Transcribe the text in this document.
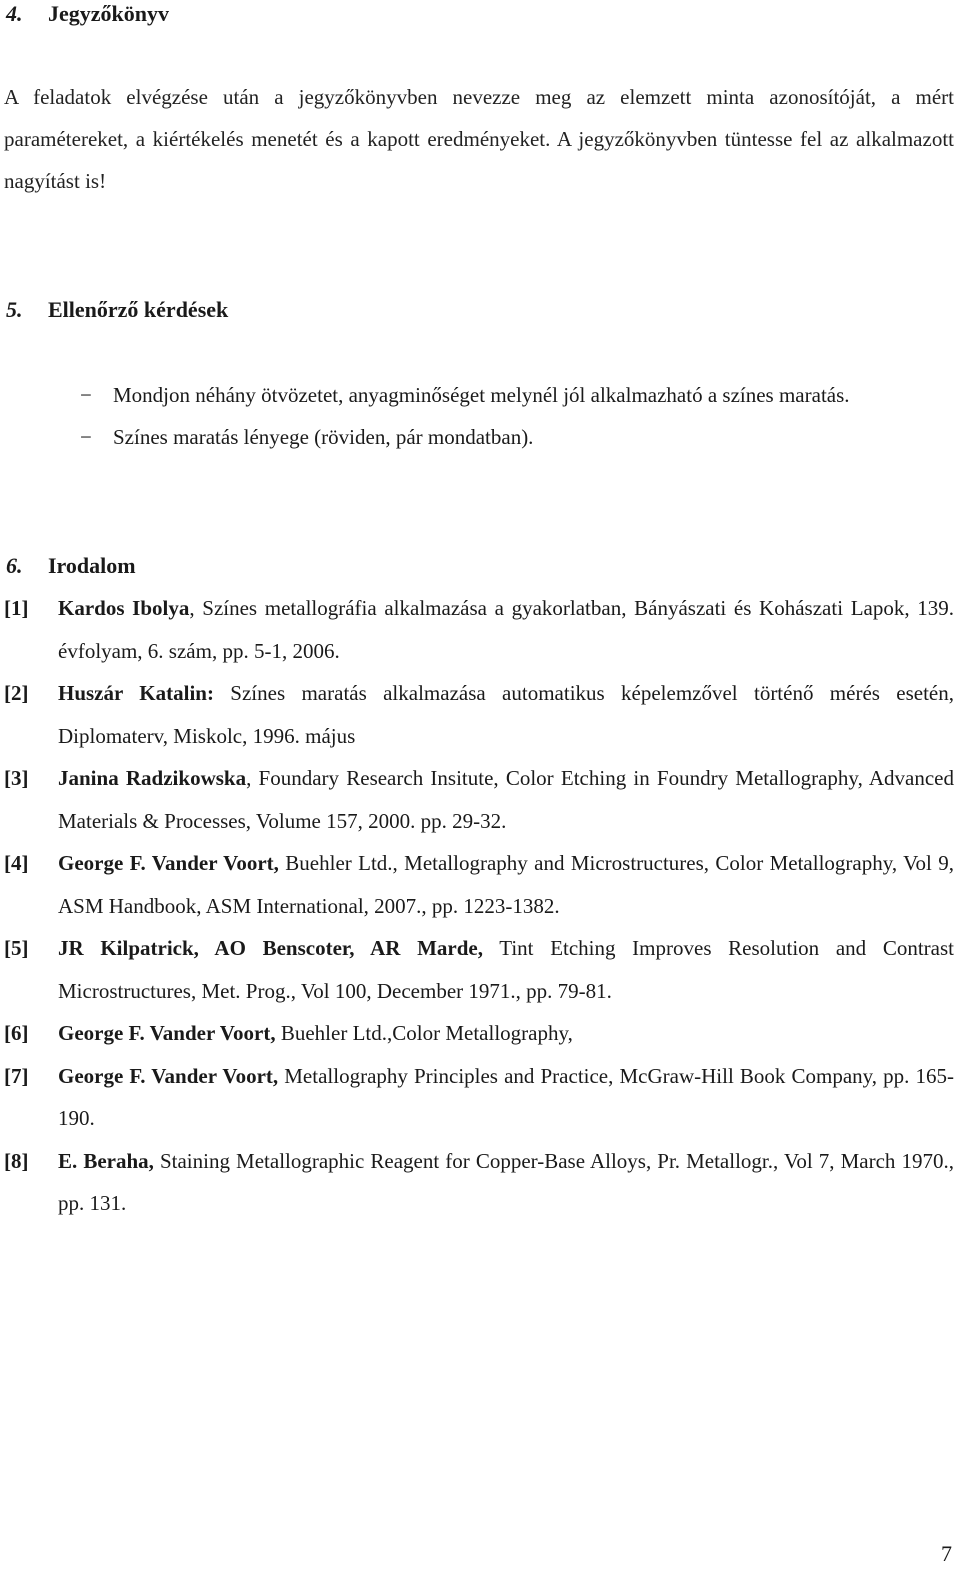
4. Jegyzőkönyv
A feladatok elvégzése után a jegyzőkönyvben nevezze meg az elemzett minta azonosítóját, a mért paramétereket, a kiértékelés menetét és a kapott eredményeket. A jegyzőkönyvben tüntesse fel az alkalmazott nagyítást is!
5. Ellenőrző kérdések
− Mondjon néhány ötvözetet, anyagminőséget melynél jól alkalmazható a színes maratás.
− Színes maratás lényege (röviden, pár mondatban).
6. Irodalom
[1] Kardos Ibolya, Színes metallográfia alkalmazása a gyakorlatban, Bányászati és Kohászati Lapok, 139. évfolyam, 6. szám, pp. 5-1, 2006.
[2] Huszár Katalin: Színes maratás alkalmazása automatikus képelemzővel történő mérés esetén, Diplomaterv, Miskolc, 1996. május
[3] Janina Radzikowska, Foundary Research Insitute, Color Etching in Foundry Metallography, Advanced Materials & Processes, Volume 157, 2000. pp. 29-32.
[4] George F. Vander Voort, Buehler Ltd., Metallography and Microstructures, Color Metallography, Vol 9, ASM Handbook, ASM International, 2007., pp. 1223-1382.
[5] JR Kilpatrick, AO Benscoter, AR Marde, Tint Etching Improves Resolution and Contrast Microstructures, Met. Prog., Vol 100, December 1971., pp. 79-81.
[6] George F. Vander Voort, Buehler Ltd.,Color Metallography,
[7] George F. Vander Voort, Metallography Principles and Practice, McGraw-Hill Book Company, pp. 165-190.
[8] E. Beraha, Staining Metallographic Reagent for Copper-Base Alloys, Pr. Metallogr., Vol 7, March 1970., pp. 131.
7
